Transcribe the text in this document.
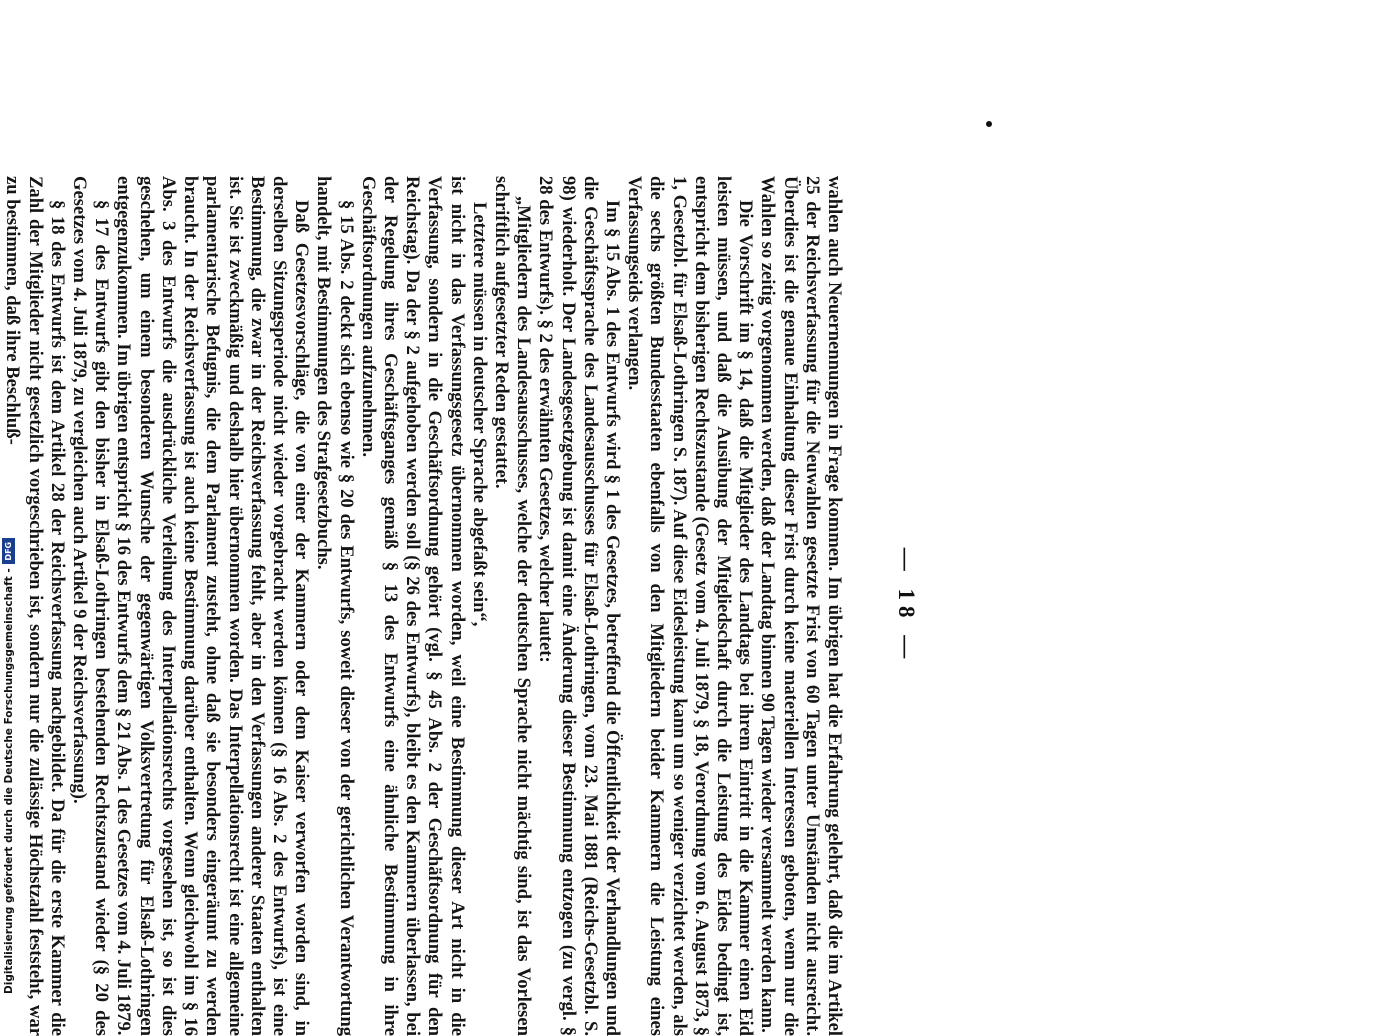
— 18 —

wahlen auch Neuernennungen in Frage kommen. Im übrigen hat die Erfahrung gelehrt, daß die im Artikel 25 der Reichsverfassung für die Neuwahlen gesetzte Frist von 60 Tagen unter Umständen nicht ausreicht. Überdies ist die genaue Einhaltung dieser Frist durch keine materiellen Interessen geboten, wenn nur die Wahlen so zeitig vorgenommen werden, daß der Landtag binnen 90 Tagen wieder versammelt werden kann.

Die Vorschrift im § 14, daß die Mitglieder des Landtags bei ihrem Eintritt in die Kammer einen Eid leisten müssen, und daß die Ausübung der Mitgliedschaft durch die Leistung des Eides bedingt ist, entspricht dem bisherigen Rechtszustande (Gesetz vom 4. Juli 1879, § 18, Verordnung vom 6. August 1873, § 1, Gesetzbl. für Elsaß-Lothringen S. 187). Auf diese Eidesleistung kann um so weniger verzichtet werden, als die sechs größten Bundesstaaten ebenfalls von den Mitgliedern beider Kammern die Leistung eines Verfassungseids verlangen.

Im § 15 Abs. 1 des Entwurfs wird § 1 des Gesetzes, betreffend die Öffentlichkeit der Verhandlungen und die Geschäftssprache des Landesausschusses für Elsaß-Lothringen, vom 23. Mai 1881 (Reichs-Gesetzbl. S. 98) wiederholt. Der Landesgesetzgebung ist damit eine Änderung dieser Bestimmung entzogen (zu vergl. § 28 des Entwurfs). § 2 des erwähnten Gesetzes, welcher lautet:

„Mitgliedern des Landesausschusses, welche der deutschen Sprache nicht mächtig sind, ist das Vorlesen schriftlich aufgesetzter Reden gestattet.

Letztere müssen in deutscher Sprache abgefaßt sein“,

ist nicht in das Verfassungsgesetz übernommen worden, weil eine Bestimmung dieser Art nicht in die Verfassung, sondern in die Geschäftsordnung gehört (vgl. § 45 Abs. 2 der Geschäftsordnung für den Reichstag). Da der § 2 aufgehoben werden soll (§ 26 des Entwurfs), bleibt es den Kammern überlassen, bei der Regelung ihres Geschäftsganges gemäß § 13 des Entwurfs eine ähnliche Bestimmung in ihre Geschäftsordnungen aufzunehmen.

§ 15 Abs. 2 deckt sich ebenso wie § 20 des Entwurfs, soweit dieser von der gerichtlichen Verantwortung handelt, mit Bestimmungen des Strafgesetzbuchs.

Daß Gesetzesvorschläge, die von einer der Kammern oder dem Kaiser verworfen worden sind, in derselben Sitzungsperiode nicht wieder vorgebracht werden können (§ 16 Abs. 2 des Entwurfs), ist eine Bestimmung, die zwar in der Reichsverfassung fehlt, aber in den Verfassungen anderer Staaten enthalten ist. Sie ist zweckmäßig und deshalb hier übernommen worden. Das Interpellationsrecht ist eine allgemeine parlamentarische Befugnis, die dem Parlament zusteht, ohne daß sie besonders eingeräumt zu werden braucht. In der Reichsverfassung ist auch keine Bestimmung darüber enthalten. Wenn gleichwohl im § 16 Abs. 3 des Entwurfs die ausdrückliche Verleihung des Interpellationsrechts vorgesehen ist, so ist dies geschehen, um einem besonderen Wunsche der gegenwärtigen Volksvertretung für Elsaß-Lothringen entgegenzukommen. Im übrigen entspricht § 16 des Entwurfs dem § 21 Abs. 1 des Gesetzes vom 4. Juli 1879.

§ 17 des Entwurfs gibt den bisher in Elsaß-Lothringen bestehenden Rechtszustand wieder (§ 20 des Gesetzes vom 4. Juli 1879, zu vergleichen auch Artikel 9 der Reichsverfassung).

§ 18 des Entwurfs ist dem Artikel 28 der Reichsverfassung nachgebildet. Da für die erste Kammer die Zahl der Mitglieder nicht gesetzlich vorgeschrieben ist, sondern nur die zulässige Höchstzahl feststeht, war zu bestimmen, daß ihre Beschluß-

Digitalisierung gefördert durch die Deutsche Forschungsgemeinschaft -
DFG
